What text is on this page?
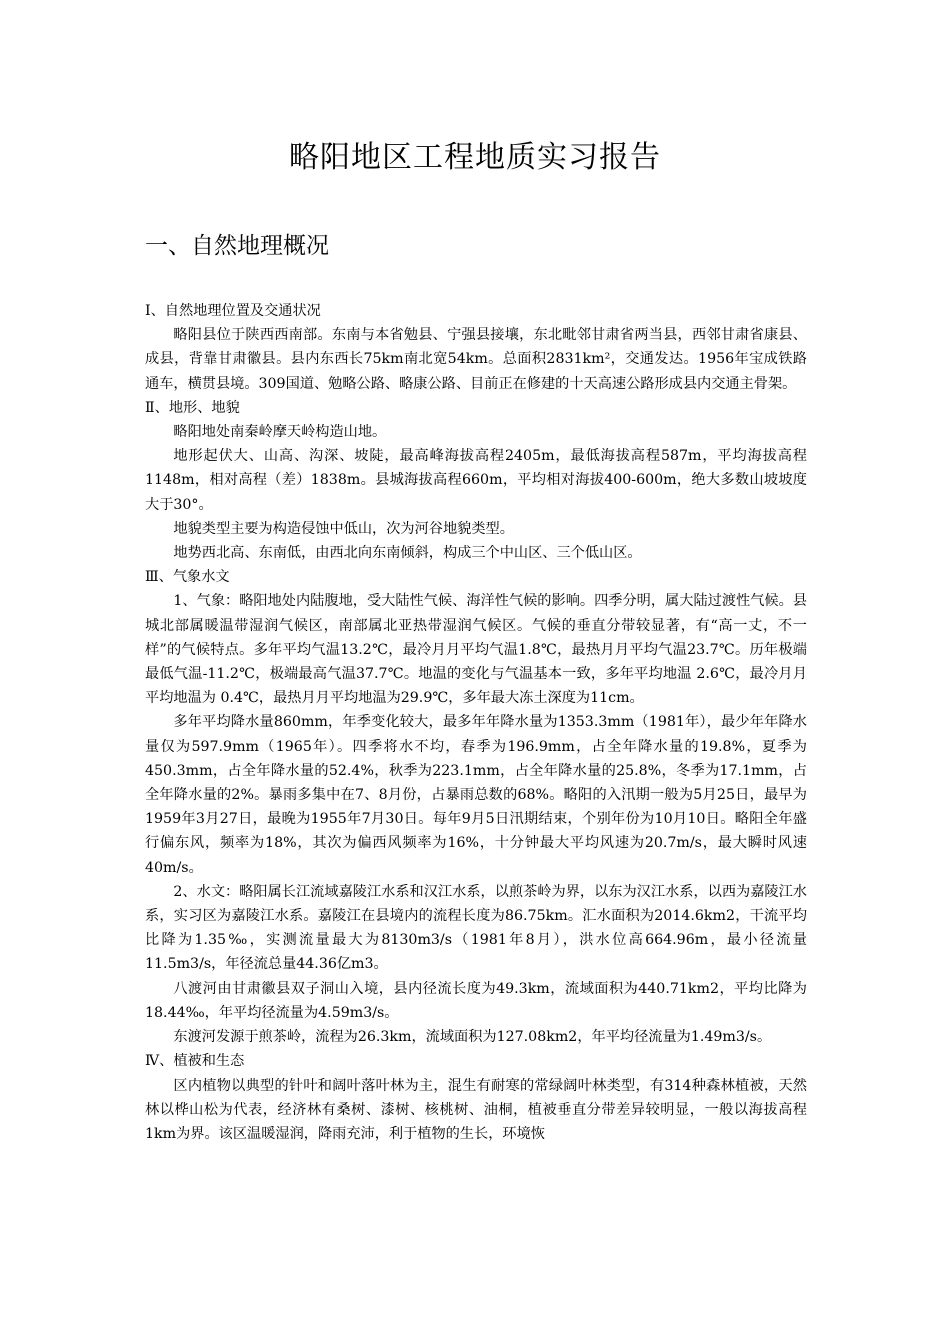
略阳地区工程地质实习报告
一、自然地理概况

Ⅰ、自然地理位置及交通状况

略阳县位于陕西西南部。东南与本省勉县、宁强县接壤，东北毗邻甘肃省两当县，西邻甘肃省康县、成县，背靠甘肃徽县。县内东西长75km南北宽54km。总面积2831km²，交通发达。1956年宝成铁路通车，横贯县境。309国道、勉略公路、略康公路、目前正在修建的十天高速公路形成县内交通主骨架。

Ⅱ、地形、地貌

略阳地处南秦岭摩天岭构造山地。

地形起伏大、山高、沟深、坡陡，最高峰海拔高程2405m，最低海拔高程587m，平均海拔高程1148m，相对高程（差）1838m。县城海拔高程660m，平均相对海拔400-600m，绝大多数山坡坡度大于30°。

地貌类型主要为构造侵蚀中低山，次为河谷地貌类型。

地势西北高、东南低，由西北向东南倾斜，构成三个中山区、三个低山区。

Ⅲ、气象水文

1、气象：略阳地处内陆腹地，受大陆性气候、海洋性气候的影响。四季分明，属大陆过渡性气候。县城北部属暖温带湿润气候区，南部属北亚热带湿润气候区。气候的垂直分带较显著，有“高一丈，不一样”的气候特点。多年平均气温13.2℃，最冷月月平均气温1.8℃，最热月月平均气温23.7℃。历年极端最低气温-11.2℃，极端最高气温37.7℃。地温的变化与气温基本一致，多年平均地温 2.6℃，最冷月月平均地温为 0.4℃，最热月月平均地温为29.9℃，多年最大冻土深度为11cm。

多年平均降水量860mm，年季变化较大，最多年年降水量为1353.3mm（1981年），最少年年降水量仅为597.9mm（1965年）。四季将水不均，春季为196.9mm，占全年降水量的19.8%，夏季为450.3mm，占全年降水量的52.4%，秋季为223.1mm，占全年降水量的25.8%，冬季为17.1mm，占全年降水量的2%。暴雨多集中在7、8月份，占暴雨总数的68%。略阳的入汛期一般为5月25日，最早为1959年3月27日，最晚为1955年7月30日。每年9月5日汛期结束，个别年份为10月10日。略阳全年盛行偏东风，频率为18%，其次为偏西风频率为16%，十分钟最大平均风速为20.7m/s，最大瞬时风速40m/s。

2、水文：略阳属长江流域嘉陵江水系和汉江水系，以煎茶岭为界，以东为汉江水系，以西为嘉陵江水系，实习区为嘉陵江水系。嘉陵江在县境内的流程长度为86.75km。汇水面积为2014.6km2，干流平均比降为1.35‰，实测流量最大为8130m3/s（1981年8月），洪水位高664.96m，最小径流量11.5m3/s，年径流总量44.36亿m3。

八渡河由甘肃徽县双子洞山入境，县内径流长度为49.3km，流域面积为440.71km2，平均比降为18.44‰，年平均径流量为4.59m3/s。

东渡河发源于煎茶岭，流程为26.3km，流域面积为127.08km2，年平均径流量为1.49m3/s。

Ⅳ、植被和生态

区内植物以典型的针叶和阔叶落叶林为主，混生有耐寒的常绿阔叶林类型，有314种森林植被，天然林以桦山松为代表，经济林有桑树、漆树、核桃树、油桐，植被垂直分带差异较明显，一般以海拔高程1km为界。该区温暖湿润，降雨充沛，利于植物的生长，环境恢
